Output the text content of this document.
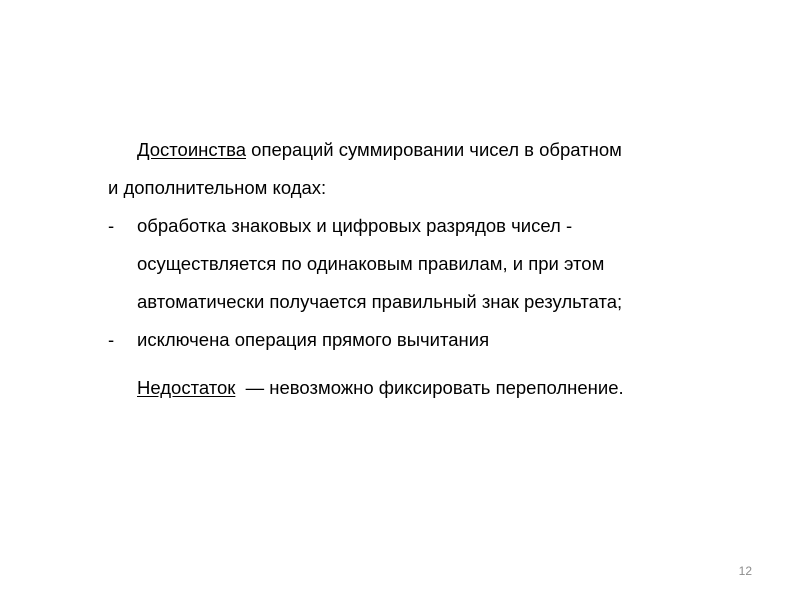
Достоинства операций суммировании чисел в обратном

и дополнительном кодах:

- обработка знаковых и цифровых разрядов чисел -
осуществляется по одинаковым правилам, и при этом
автоматически получается правильный знак результата;
- исключена операция прямого вычитания

Недостаток  — невозможно фиксировать переполнение.

12
